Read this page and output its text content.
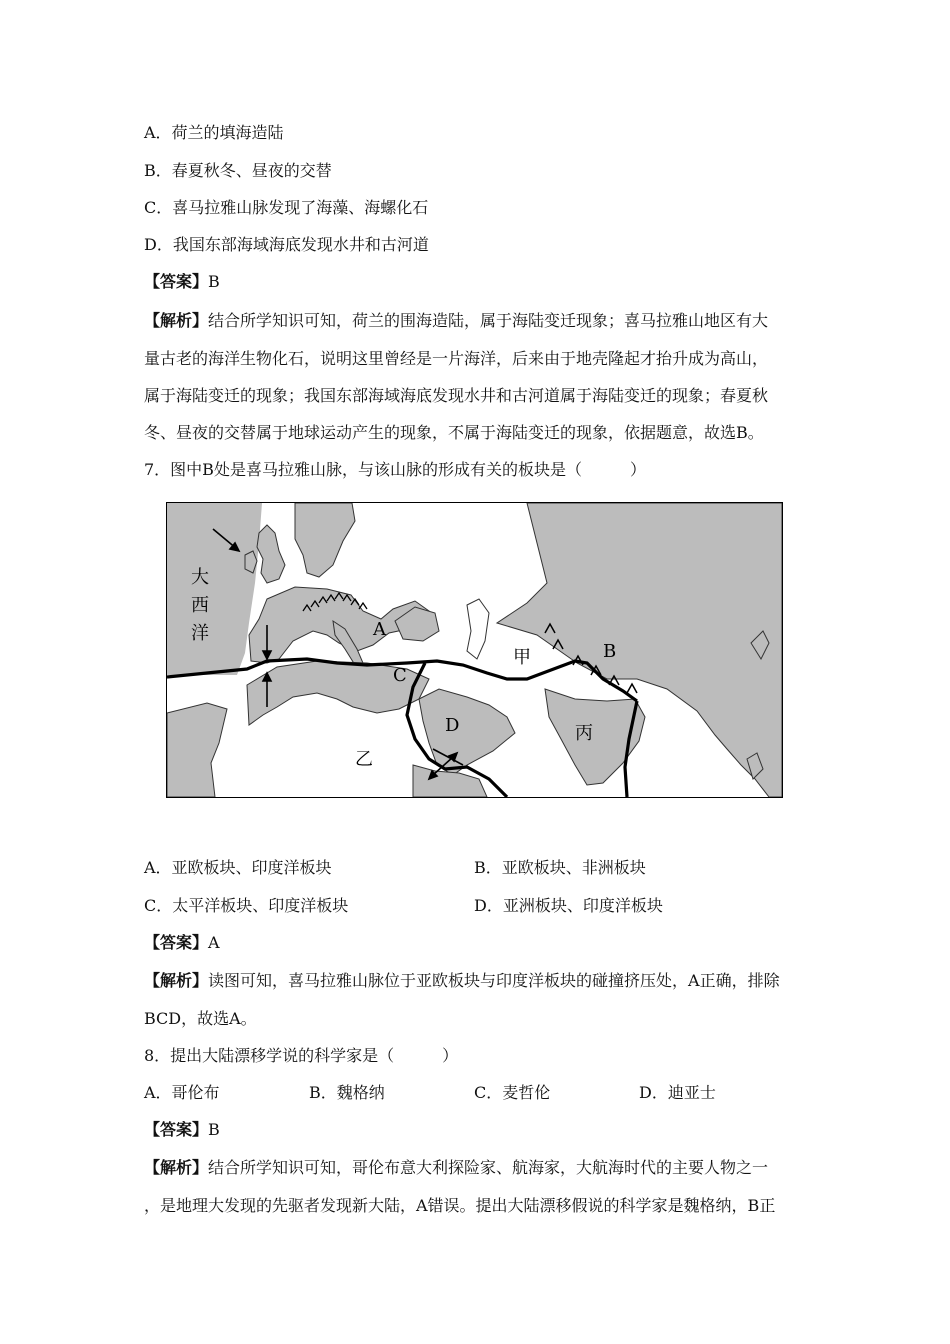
A．荷兰的填海造陆
B．春夏秋冬、昼夜的交替
C．喜马拉雅山脉发现了海藻、海螺化石
D．我国东部海域海底发现水井和古河道
【答案】B
【解析】结合所学知识可知，荷兰的围海造陆，属于海陆变迁现象；喜马拉雅山地区有大
量古老的海洋生物化石，说明这里曾经是一片海洋，后来由于地壳隆起才抬升成为高山，
属于海陆变迁的现象；我国东部海域海底发现水井和古河道属于海陆变迁的现象；春夏秋
冬、昼夜的交替属于地球运动产生的现象，不属于海陆变迁的现象，依据题意，故选B。
7．图中B处是喜马拉雅山脉，与该山脉的形成有关的板块是（　　　）
大
西
洋	A
C
D
B
甲
乙
丙
A．亚欧板块、印度洋板块	B．亚欧板块、非洲板块
C．太平洋板块、印度洋板块	D．亚洲板块、印度洋板块
【答案】A
【解析】读图可知，喜马拉雅山脉位于亚欧板块与印度洋板块的碰撞挤压处，A正确，排除
BCD，故选A。
8．提出大陆漂移学说的科学家是（　　　）
A．哥伦布	B．魏格纳	C．麦哲伦	D．迪亚士
【答案】B
【解析】结合所学知识可知，哥伦布意大利探险家、航海家，大航海时代的主要人物之一
，是地理大发现的先驱者发现新大陆，A错误。提出大陆漂移假说的科学家是魏格纳，B正
